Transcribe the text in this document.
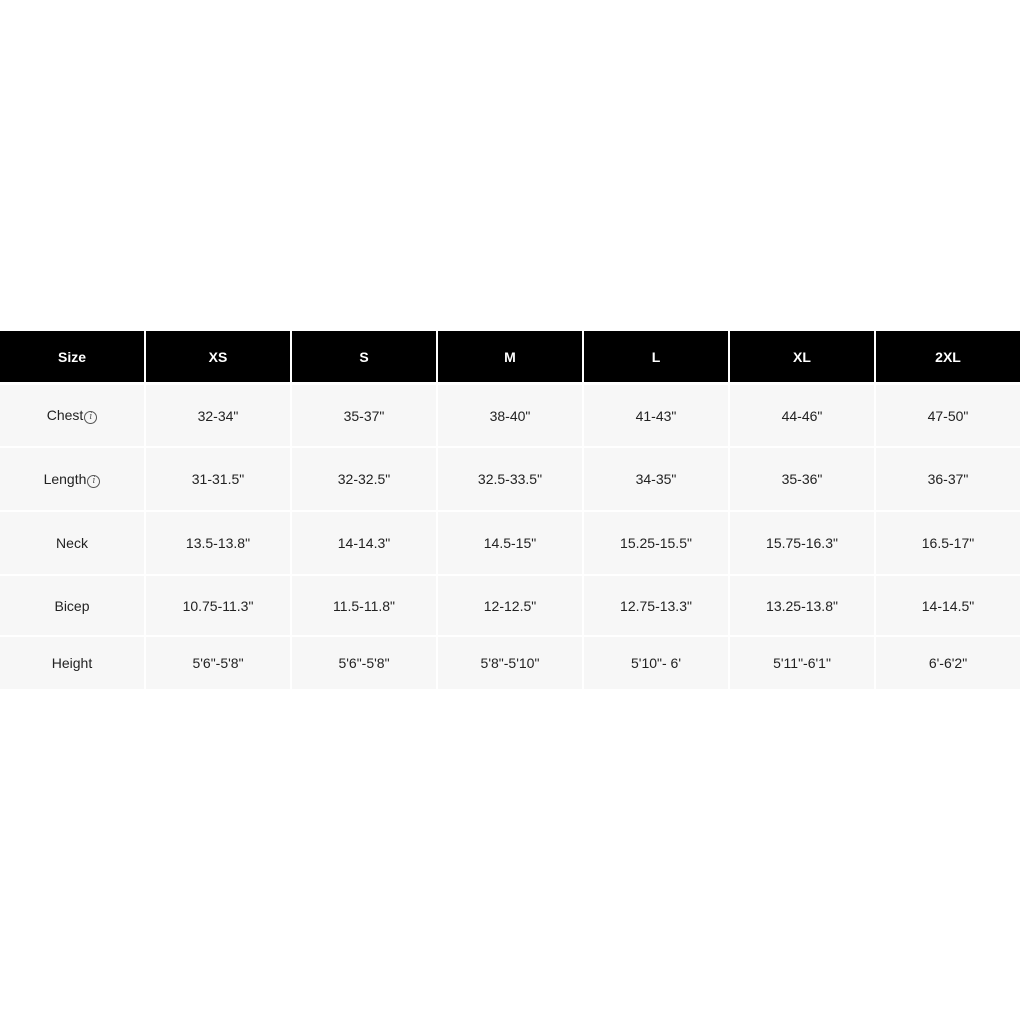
Size	XS	S	M	L	XL	2XL
Chest i	32-34"	35-37"	38-40"	41-43"	44-46"	47-50"
Length i	31-31.5"	32-32.5"	32.5-33.5"	34-35"	35-36"	36-37"
Neck	13.5-13.8"	14-14.3"	14.5-15"	15.25-15.5"	15.75-16.3"	16.5-17"
Bicep	10.75-11.3"	11.5-11.8"	12-12.5"	12.75-13.3"	13.25-13.8"	14-14.5"
Height	5'6"-5'8"	5'6"-5'8"	5'8"-5'10"	5'10"- 6'	5'11"-6'1"	6'-6'2"
